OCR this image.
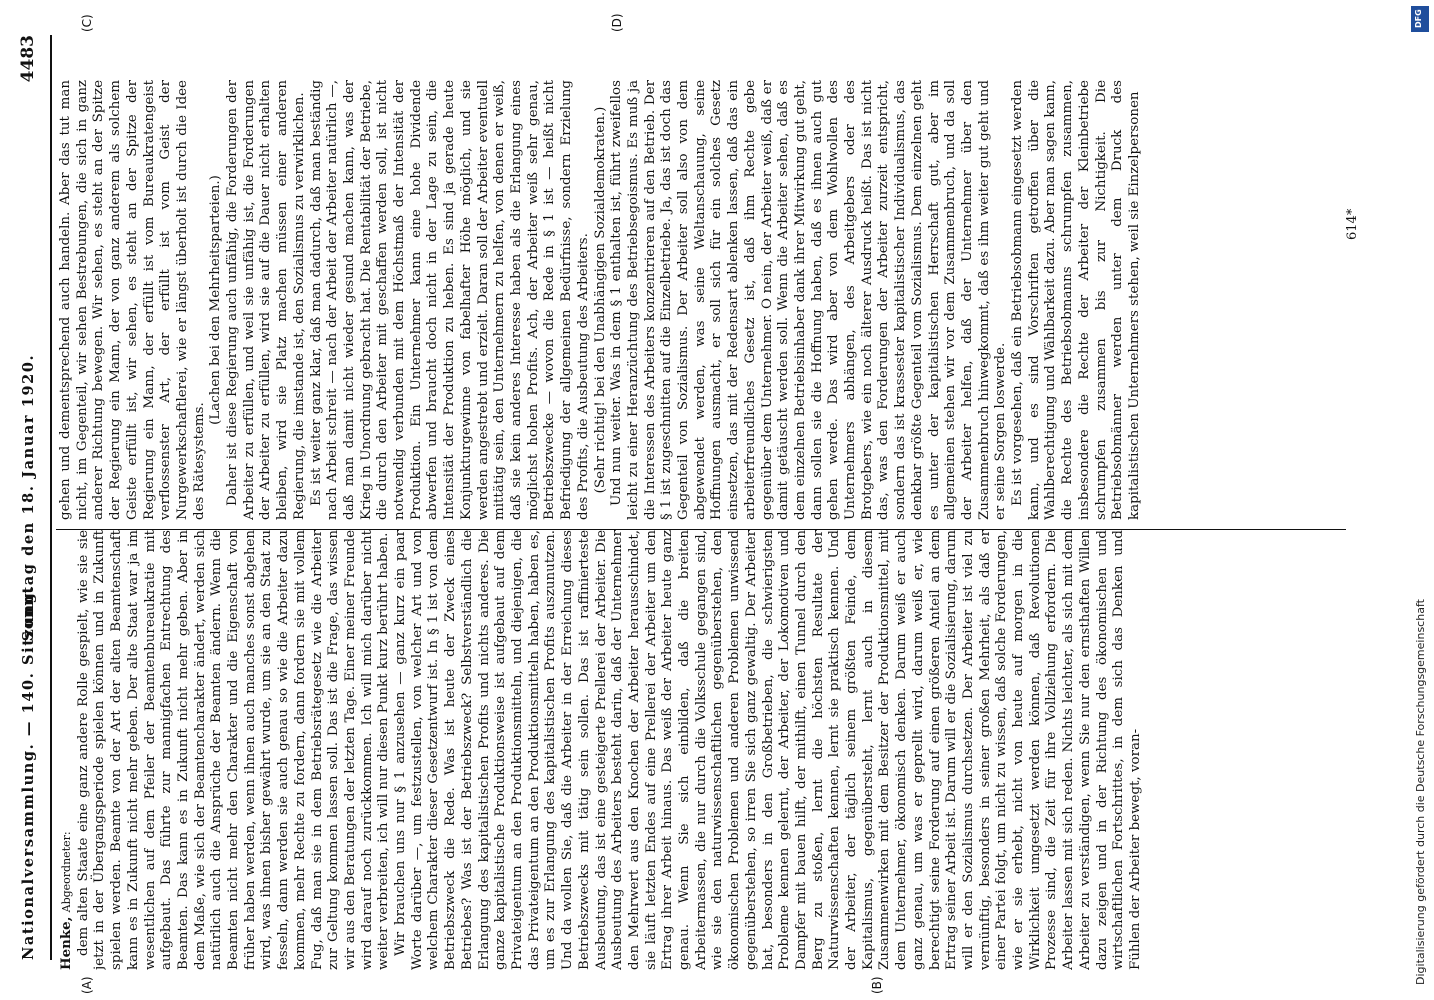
Nationalversammlung. — 140. Sitzung.
Sonntag den 18. Januar 1920.
4483
(A)	(B)
(C)	(D)

Henke, Abgeordneter: dem alten Staate eine ganz andere Rolle gespielt, wie sie sie jetzt in der Übergangsperiode spielen können und in Zukunft spielen werden. Beamte von der Art der alten Beamtenschaft kann es in Zukunft nicht mehr geben. Der alte Staat war ja im wesentlichen auf dem Pfeiler der Beamtenbureaukratie mit aufgebaut. Das führte zur mannigfachen Entrechtung des Beamten. Das kann es in Zukunft nicht mehr geben. Aber in dem Maße, wie sich der Beamtencharakter ändert, werden sich natürlich auch die Ansprüche der Beamten ändern. Wenn die Beamten nicht mehr den Charakter und die Eigenschaft von früher haben werden, wenn ihnen auch manches sonst abgehen wird, was ihnen bisher gewährt wurde, um sie an den Staat zu fesseln, dann werden sie auch genau so wie die Arbeiter dazu kommen, mehr Rechte zu fordern, dann fordern sie mit vollem Fug, daß man sie in dem Betriebsrätegesetz wie die Arbeiter zur Geltung kommen lassen soll. Das ist die Frage, das wissen wir aus den Beratungen der letzten Tage. Einer meiner Freunde wird darauf noch zurückkommen. Ich will mich darüber nicht weiter verbreiten, ich will nur diesen Punkt kurz berührt haben. Wir brauchen uns nur § 1 anzusehen — ganz kurz ein paar Worte darüber —, um festzustellen, von welcher Art und von welchem Charakter dieser Gesetzentwurf ist. In § 1 ist von dem Betriebszweck die Rede. Was ist heute der Zweck eines Betriebes? Was ist der Betriebszweck? Selbstverständlich die Erlangung des kapitalistischen Profits und nichts anderes. Die ganze kapitalistische Produktionsweise ist aufgebaut auf dem Privateigentum an den Produktionsmitteln, und diejenigen, die das Privateigentum an den Produktionsmitteln haben, haben es, um es zur Erlangung des kapitalistischen Profits auszunutzen. Und da wollen Sie, daß die Arbeiter in der Erreichung dieses Betriebszwecks mit tätig sein sollen. Das ist raffinierteste Ausbeutung, das ist eine gesteigerte Prellerei der Arbeiter. Die Ausbeutung des Arbeiters besteht darin, daß der Unternehmer den Mehrwert aus den Knochen der Arbeiter herausschindet, sie läuft letzten Endes auf eine Prellerei der Arbeiter um den Ertrag ihrer Arbeit hinaus. Das weiß der Arbeiter heute ganz genau. Wenn Sie sich einbilden, daß die breiten Arbeitermassen, die nur durch die Volksschule gegangen sind, wie sie den naturwissenschaftlichen gegenüberstehen, den ökonomischen Problemen und anderen Problemen unwissend gegenüberstehen, so irren Sie sich ganz gewaltig. Der Arbeiter hat, besonders in den Großbetrieben, die schwierigsten Probleme kennen gelernt, der Arbeiter, der Lokomotiven und Dampfer mit bauen hilft, der mithilft, einen Tunnel durch den Berg zu stoßen, lernt die höchsten Resultate der Naturwissenschaften kennen, lernt sie praktisch kennen. Und der Arbeiter, der täglich seinem größten Feinde, dem Kapitalismus, gegenübersteht, lernt auch in diesem Zusammenwirken mit dem Besitzer der Produktionsmittel, mit dem Unternehmer, ökonomisch denken. Darum weiß er auch ganz genau, um was er geprellt wird, darum weiß er, wie berechtigt seine Forderung auf einen größeren Anteil an dem Ertrag seiner Arbeit ist. Darum will er die Sozialisierung, darum will er den Sozialismus durchsetzen. Der Arbeiter ist viel zu vernünftig, besonders in seiner großen Mehrheit, als daß er einer Partei folgt, um nicht zu wissen, daß solche Forderungen, wie er sie erhebt, nicht von heute auf morgen in die Wirklichkeit umgesetzt werden können, daß Revolutionen Prozesse sind, die Zeit für ihre Vollziehung erfordern. Die Arbeiter lassen mit sich reden. Nichts leichter, als sich mit dem Arbeiter zu verständigen, wenn Sie nur den ernsthaften Willen dazu zeigen und in der Richtung des ökonomischen und wirtschaftlichen Fortschrittes, in dem sich das Denken und Fühlen der Arbeiter bewegt, voran-

gehen und dementsprechend auch handeln. Aber das tut man nicht, im Gegenteil, wir sehen Bestrebungen, die sich in ganz anderer Richtung bewegen. Wir sehen, es steht an der Spitze der Regierung ein Mann, der von ganz anderem als solchem Geiste erfüllt ist, wir sehen, es steht an der Spitze der Regierung ein Mann, der erfüllt ist vom Bureaukratengeist verflossenster Art, der erfüllt ist vom Geist der Nurgewerkschaftlerei, wie er längst überholt ist durch die Idee des Rätesystems.

(Lachen bei den Mehrheitsparteien.) Daher ist diese Regierung auch unfähig, die Forderungen der Arbeiter zu erfüllen, und weil sie unfähig ist, die Forderungen der Arbeiter zu erfüllen, wird sie auf die Dauer nicht erhalten bleiben, wird sie Platz machen müssen einer anderen Regierung, die imstande ist, den Sozialismus zu verwirklichen. Es ist weiter ganz klar, daß man dadurch, daß man beständig nach Arbeit schreit — nach der Arbeit der Arbeiter natürlich —, daß man damit nicht wieder gesund machen kann, was der Krieg in Unordnung gebracht hat. Die Rentabilität der Betriebe, die durch den Arbeiter mit geschaffen werden soll, ist nicht notwendig verbunden mit dem Höchstmaß der Intensität der Produktion. Ein Unternehmer kann eine hohe Dividende abwerfen und braucht doch nicht in der Lage zu sein, die Intensität der Produktion zu heben. Es sind ja gerade heute Konjunkturgewinne von fabelhafter Höhe möglich, und sie werden angestrebt und erzielt. Daran soll der Arbeiter eventuell mittätig sein, den Unternehmern zu helfen, von denen er weiß, daß sie kein anderes Interesse haben als die Erlangung eines möglichst hohen Profits. Ach, der Arbeiter weiß sehr genau, Betriebszwecke — wovon die Rede in § 1 ist — heißt nicht Befriedigung der allgemeinen Bedürfnisse, sondern Erzielung des Profits, die Ausbeutung des Arbeiters. (Sehr richtig! bei den Unabhängigen Sozialdemokraten.) Und nun weiter. Was in dem § 1 enthalten ist, führt zweifellos leicht zu einer Heranzüchtung des Betriebsegoismus. Es muß ja die Interessen des Arbeiters konzentrieren auf den Betrieb. Der § 1 ist zugeschnitten auf die Einzelbetriebe. Ja, das ist doch das Gegenteil von Sozialismus. Der Arbeiter soll also von dem abgewendet werden, was seine Weltanschauung, seine Hoffnungen ausmacht, er soll sich für ein solches Gesetz einsetzen, das mit der Redensart ablenken lassen, daß das ein arbeiterfreundliches Gesetz ist, daß ihm Rechte gebe gegenüber dem Unternehmer. O nein, der Arbeiter weiß, daß er damit getäuscht werden soll. Wenn die Arbeiter sehen, daß es dem einzelnen Betriebsinhaber dank ihrer Mitwirkung gut geht, dann sollen sie die Hoffnung haben, daß es ihnen auch gut gehen werde. Das wird aber von dem Wohlwollen des Unternehmers abhängen, des Arbeitgebers oder des Brotgebers, wie ein noch älterer Ausdruck heißt. Das ist nicht das, was den Forderungen der Arbeiter zurzeit entspricht, sondern das ist krassester kapitalistischer Individualismus, das denkbar größte Gegenteil vom Sozialismus. Dem einzelnen geht es unter der kapitalistischen Herrschaft gut, aber im allgemeinen stehen wir vor dem Zusammenbruch, und da soll der Arbeiter helfen, daß der Unternehmer über den Zusammenbruch hinwegkommt, daß es ihm weiter gut geht und er seine Sorgen loswerde. Es ist vorgesehen, daß ein Betriebsobmann eingesetzt werden kann, und es sind Vorschriften getroffen über die Wahlberechtigung und Wählbarkeit dazu. Aber man sagen kann, die Rechte des Betriebsobmanns schrumpfen zusammen, insbesondere die Rechte der Arbeiter der Kleinbetriebe schrumpfen zusammen bis zur Nichtigkeit. Die Betriebsobmänner werden unter dem Druck des kapitalistischen Unternehmers stehen, weil sie Einzelpersonen	614*
DFG
Digitalisierung gefördert durch die Deutsche Forschungsgemeinschaft
